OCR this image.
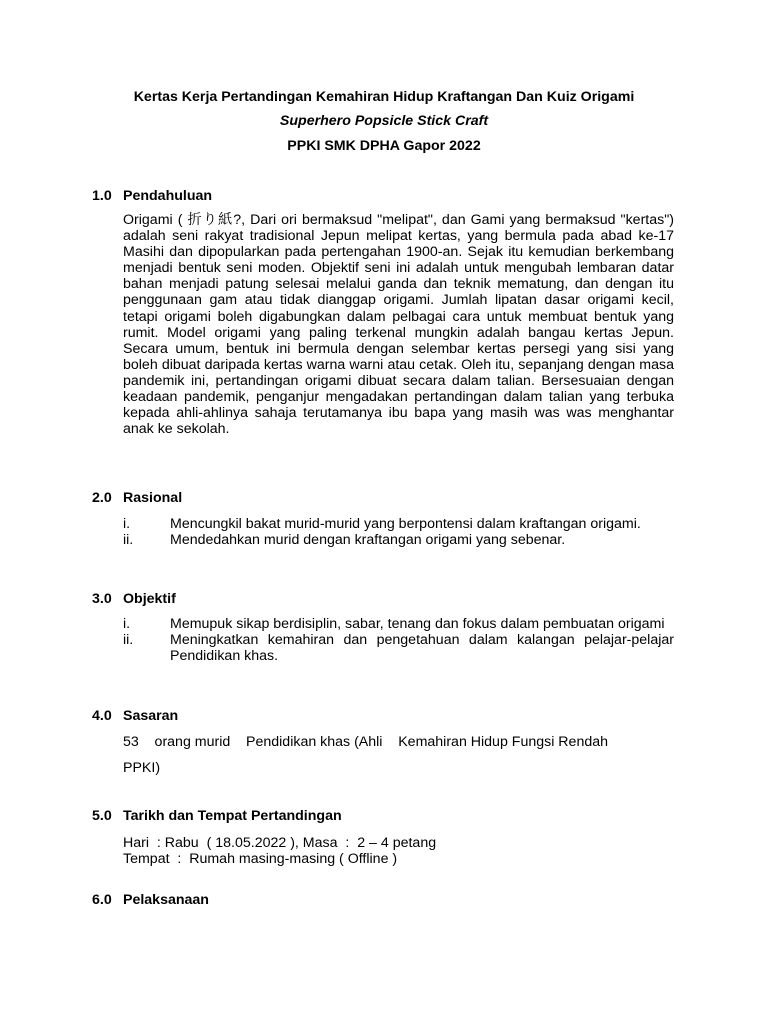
Kertas Kerja Pertandingan Kemahiran Hidup Kraftangan Dan Kuiz Origami

Superhero Popsicle Stick Craft

PPKI SMK DPHA Gapor 2022

1.0 Pendahuluan

Origami ( 折り紙?, Dari ori bermaksud "melipat", dan Gami yang bermaksud "kertas") adalah seni rakyat tradisional Jepun melipat kertas, yang bermula pada abad ke-17 Masihi dan dipopularkan pada pertengahan 1900-an. Sejak itu kemudian berkembang menjadi bentuk seni moden. Objektif seni ini adalah untuk mengubah lembaran datar bahan menjadi patung selesai melalui ganda dan teknik mematung, dan dengan itu penggunaan gam atau tidak dianggap origami. Jumlah lipatan dasar origami kecil, tetapi origami boleh digabungkan dalam pelbagai cara untuk membuat bentuk yang rumit. Model origami yang paling terkenal mungkin adalah bangau kertas Jepun. Secara umum, bentuk ini bermula dengan selembar kertas persegi yang sisi yang boleh dibuat daripada kertas warna warni atau cetak. Oleh itu, sepanjang dengan masa pandemik ini, pertandingan origami dibuat secara dalam talian. Bersesuaian dengan keadaan pandemik, penganjur mengadakan pertandingan dalam talian yang terbuka kepada ahli-ahlinya sahaja terutamanya ibu bapa yang masih was was menghantar anak ke sekolah.

2.0 Rasional

i.	Mencungkil bakat murid-murid yang berpontensi dalam kraftangan origami.
ii.	Mendedahkan murid dengan kraftangan origami yang sebenar.

3.0 Objektif

i.	Memupuk sikap berdisiplin, sabar, tenang dan fokus dalam pembuatan origami
ii.	Meningkatkan kemahiran dan pengetahuan dalam kalangan pelajar-pelajar Pendidikan khas.

4.0 Sasaran

53    orang murid    Pendidikan khas (Ahli    Kemahiran Hidup Fungsi Rendah

PPKI)

5.0 Tarikh dan Tempat Pertandingan

Hari  : Rabu  ( 18.05.2022 ), Masa  :  2 – 4 petang

Tempat  :  Rumah masing-masing ( Offline )

6.0 Pelaksanaan
